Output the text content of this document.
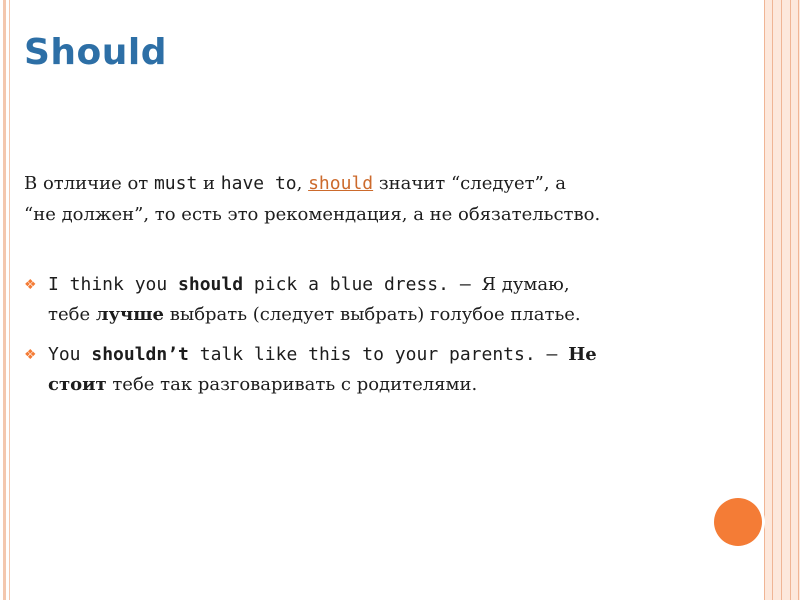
Should
В отличие от must и have to, should значит “следует”, а
“не должен”, то есть это рекомендация, а не обязательство.
❖ I think you should pick a blue dress. – Я думаю,
тебе лучше выбрать (следует выбрать) голубое платье.
❖ You shouldn’t talk like this to your parents. – Не
стоит тебе так разговаривать с родителями.
